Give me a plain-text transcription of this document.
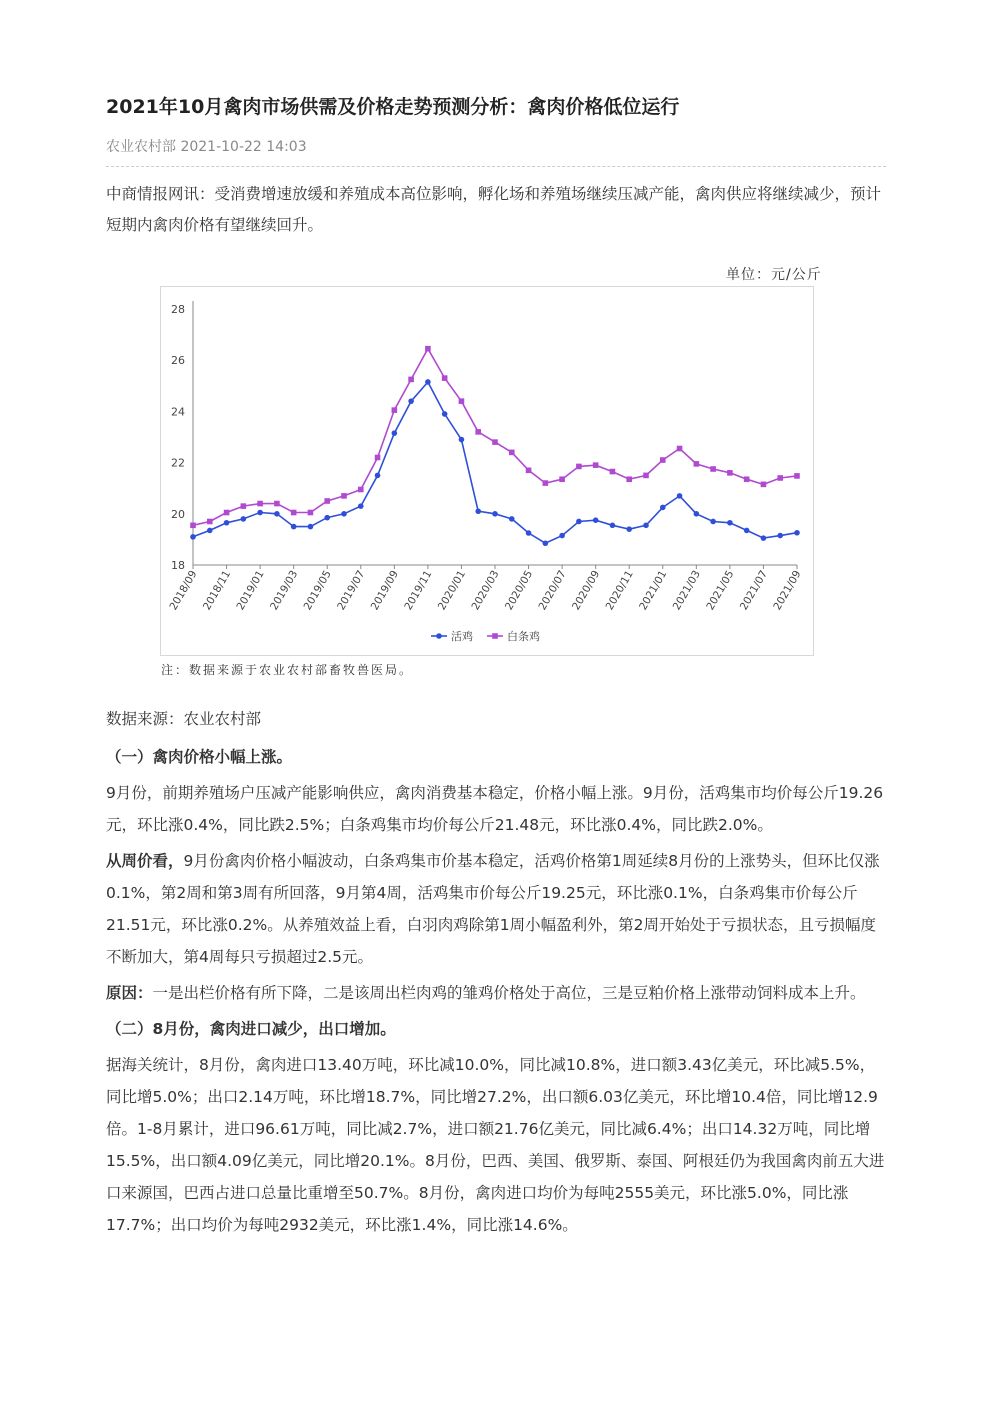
2021年10月禽肉市场供需及价格走势预测分析：禽肉价格低位运行
农业农村部 2021-10-22 14:03
中商情报网讯：受消费增速放缓和养殖成本高位影响，孵化场和养殖场继续压减产能，禽肉供应将继续减少，预计短期内禽肉价格有望继续回升。
单位：元/公斤
18
20
22
24
26
28
2018/09 2018/11 2019/01 2019/03 2019/05 2019/07 2019/09 2019/11 2020/01 2020/03 2020/05 2020/07 2020/09 2020/11 2021/01 2021/03 2021/05 2021/07 2021/09
活鸡	白条鸡
注：数据来源于农业农村部畜牧兽医局。

数据来源：农业农村部

（一）禽肉价格小幅上涨。

9月份，前期养殖场户压减产能影响供应，禽肉消费基本稳定，价格小幅上涨。9月份，活鸡集市均价每公斤19.26元，环比涨0.4%，同比跌2.5%；白条鸡集市均价每公斤21.48元，环比涨0.4%，同比跌2.0%。

从周价看，9月份禽肉价格小幅波动，白条鸡集市价基本稳定，活鸡价格第1周延续8月份的上涨势头，但环比仅涨0.1%，第2周和第3周有所回落，9月第4周，活鸡集市价每公斤19.25元，环比涨0.1%，白条鸡集市价每公斤21.51元，环比涨0.2%。从养殖效益上看，白羽肉鸡除第1周小幅盈利外，第2周开始处于亏损状态，且亏损幅度不断加大，第4周每只亏损超过2.5元。

原因：一是出栏价格有所下降，二是该周出栏肉鸡的雏鸡价格处于高位，三是豆粕价格上涨带动饲料成本上升。

（二）8月份，禽肉进口减少，出口增加。

据海关统计，8月份，禽肉进口13.40万吨，环比减10.0%，同比减10.8%，进口额3.43亿美元，环比减5.5%，同比增5.0%；出口2.14万吨，环比增18.7%，同比增27.2%，出口额6.03亿美元，环比增10.4倍，同比增12.9倍。1-8月累计，进口96.61万吨，同比减2.7%，进口额21.76亿美元，同比减6.4%；出口14.32万吨，同比增15.5%，出口额4.09亿美元，同比增20.1%。8月份，巴西、美国、俄罗斯、泰国、阿根廷仍为我国禽肉前五大进口来源国，巴西占进口总量比重增至50.7%。8月份，禽肉进口均价为每吨2555美元，环比涨5.0%，同比涨17.7%；出口均价为每吨2932美元，环比涨1.4%，同比涨14.6%。
